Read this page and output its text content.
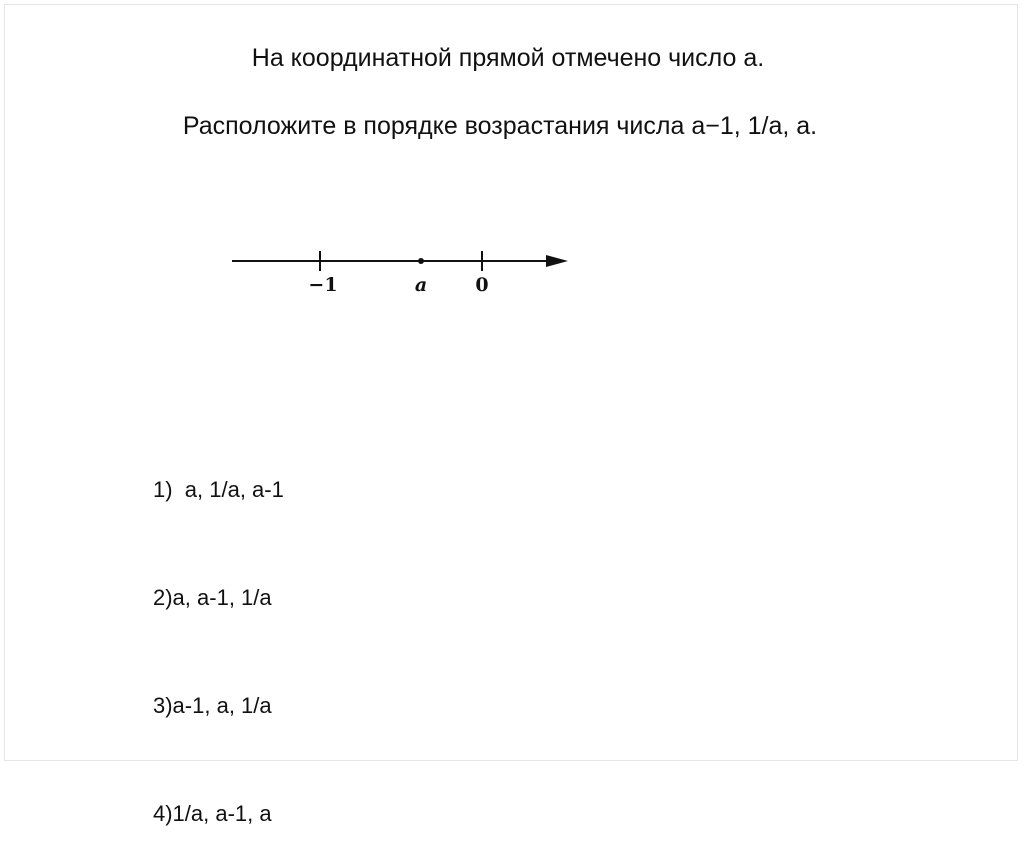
На координатной прямой отмечено число а.
Расположите в порядке возрастания числа а−1, 1/а, а.
−1	a	0

1)  a, 1/a, a-1

2)a, a-1, 1/a

3)a-1, a, 1/a

4)1/a, a-1, a
